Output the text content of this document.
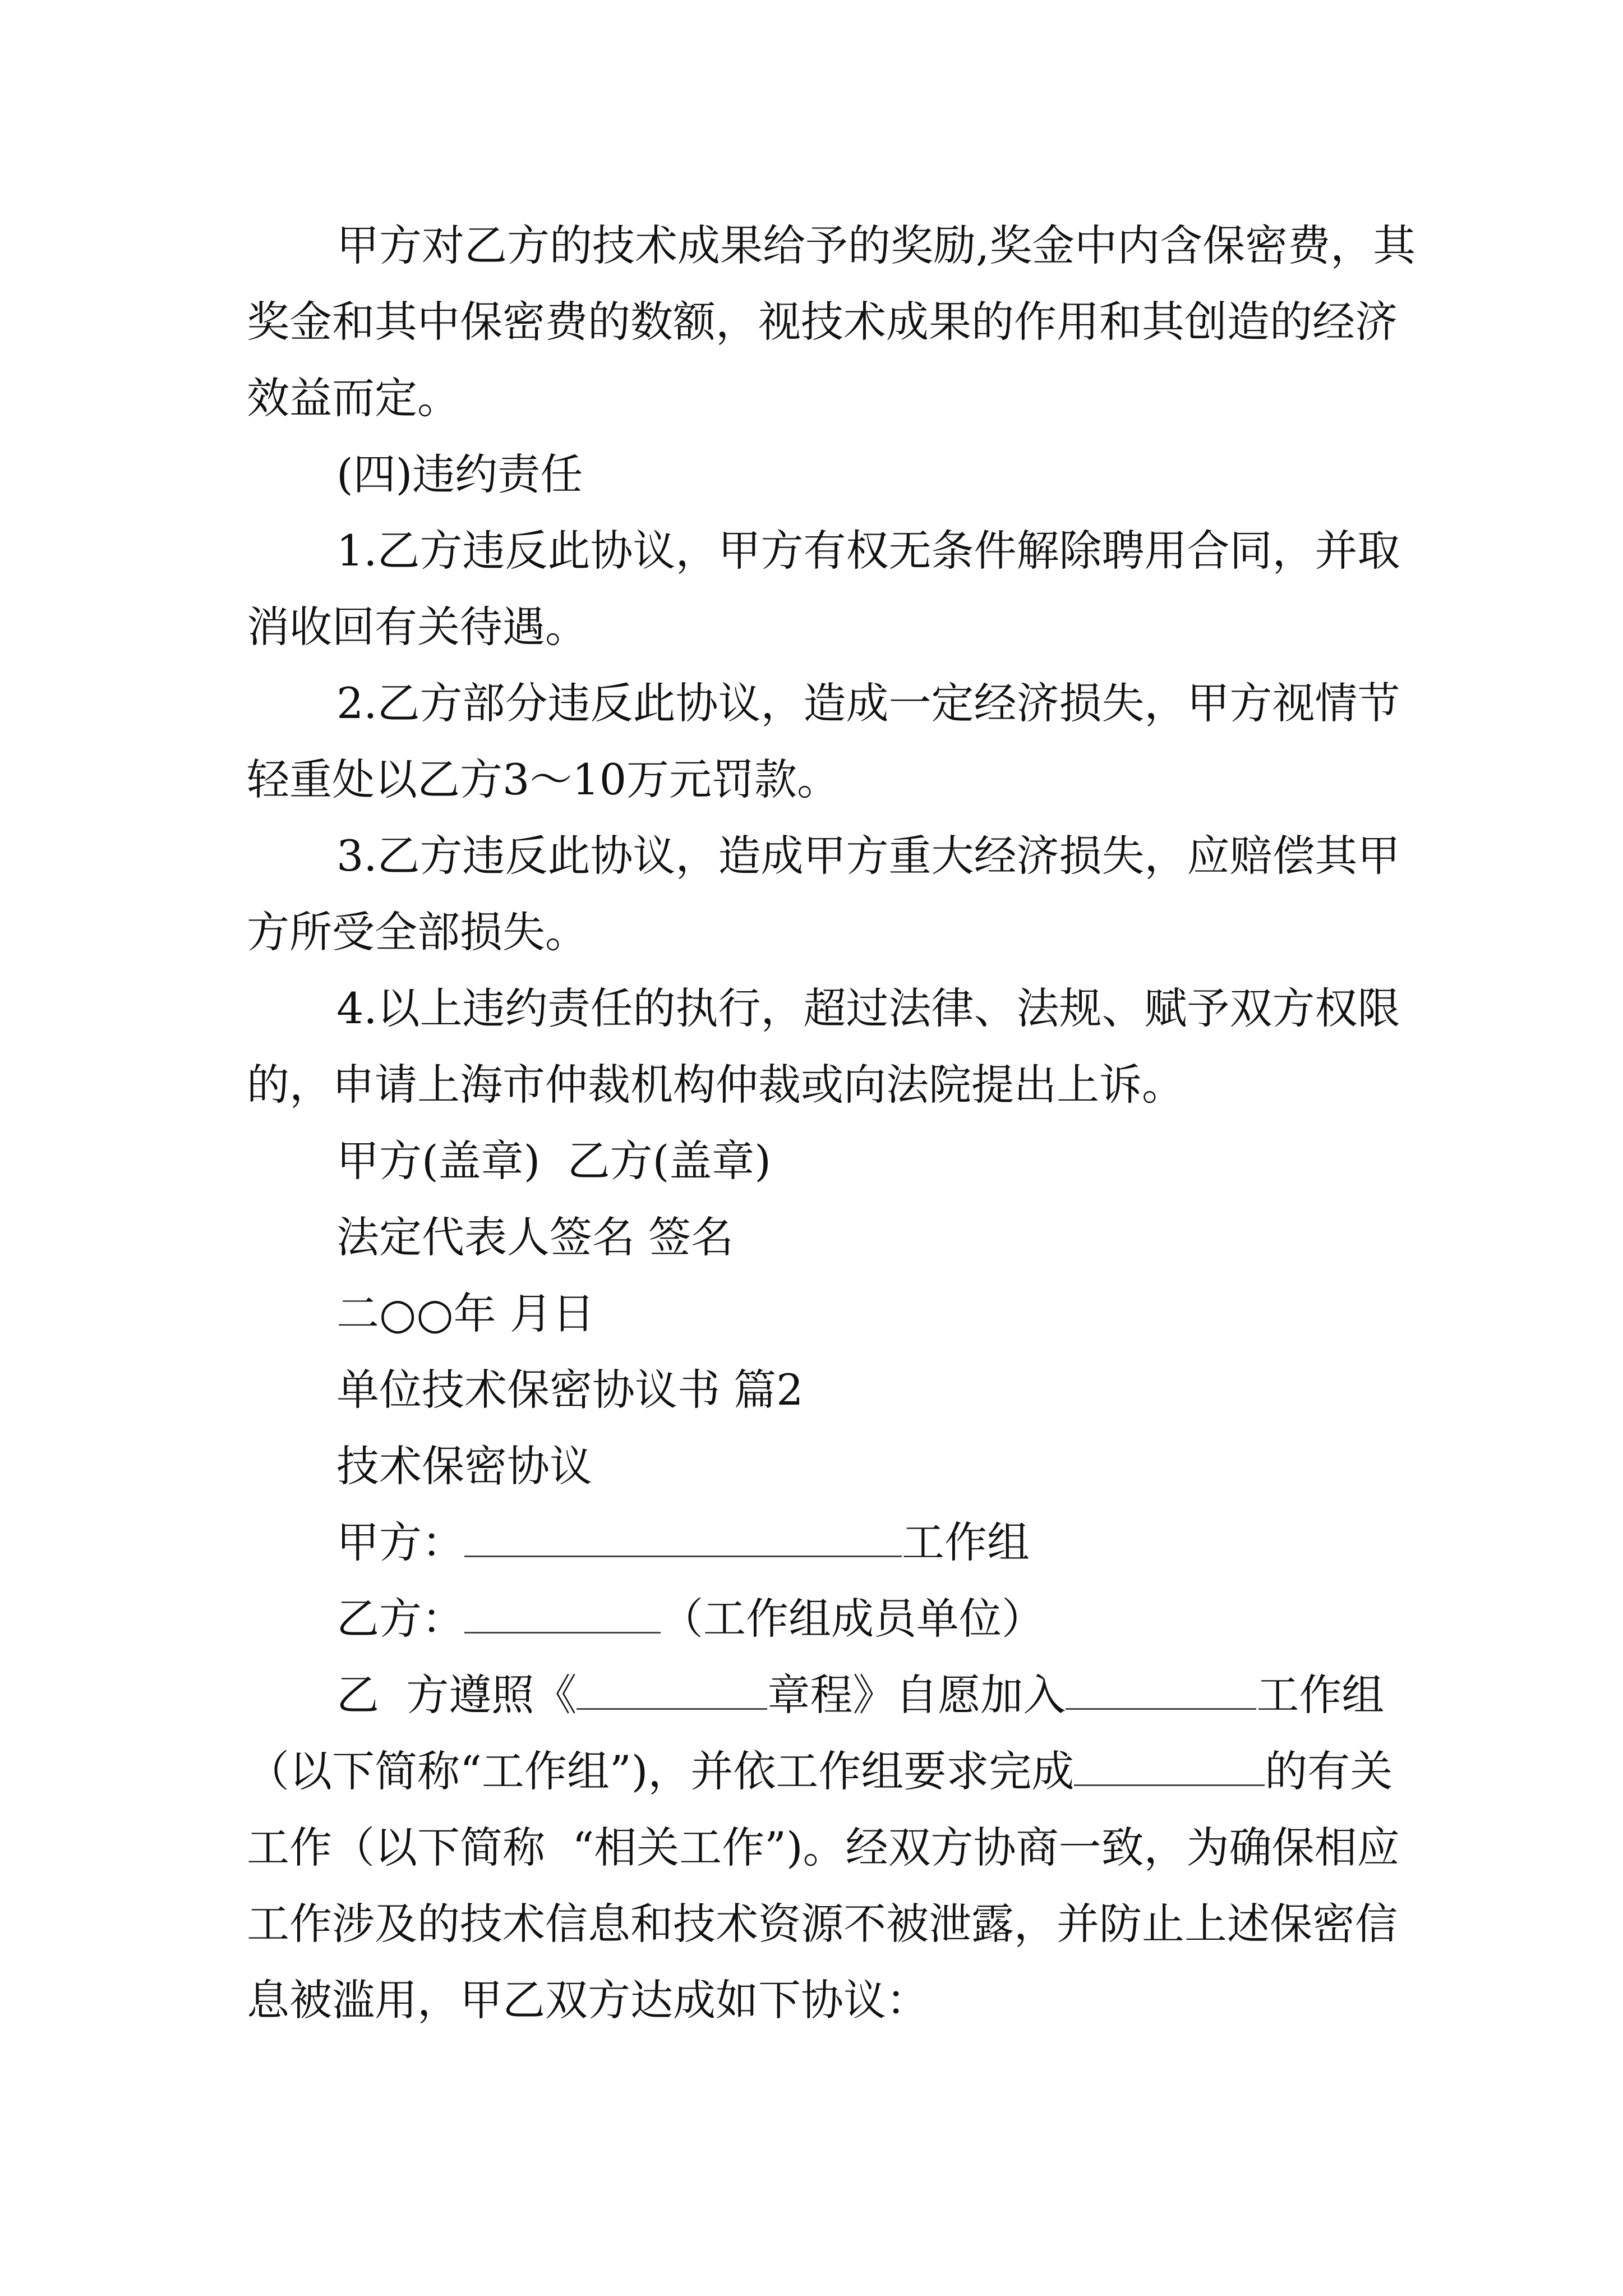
甲方对乙方的技术成果给予的奖励,奖金中内含保密费，其奖金和其中保密费的数额，视技术成果的作用和其创造的经济效益而定。

(四)违约责任

1.乙方违反此协议，甲方有权无条件解除聘用合同，并取消收回有关待遇。

2.乙方部分违反此协议，造成一定经济损失，甲方视情节轻重处以乙方3～10万元罚款。

3.乙方违反此协议，造成甲方重大经济损失，应赔偿其甲方所受全部损失。

4.以上违约责任的执行，超过法律、法规、赋予双方权限的，申请上海市仲裁机构仲裁或向法院提出上诉。

甲方(盖章)  乙方(盖章)

法定代表人签名 签名

二○○年 月日

单位技术保密协议书 篇2

技术保密协议

甲方：	工作组

乙方：	（工作组成员单位）

乙  方遵照《	章程》自愿加入	工作组（以下简称“工作组”)，并依工作组要求完成	的有关工作（以下简称  “相关工作”)。经双方协商一致，为确保相应工作涉及的技术信息和技术资源不被泄露，并防止上述保密信息被滥用，甲乙双方达成如下协议：
